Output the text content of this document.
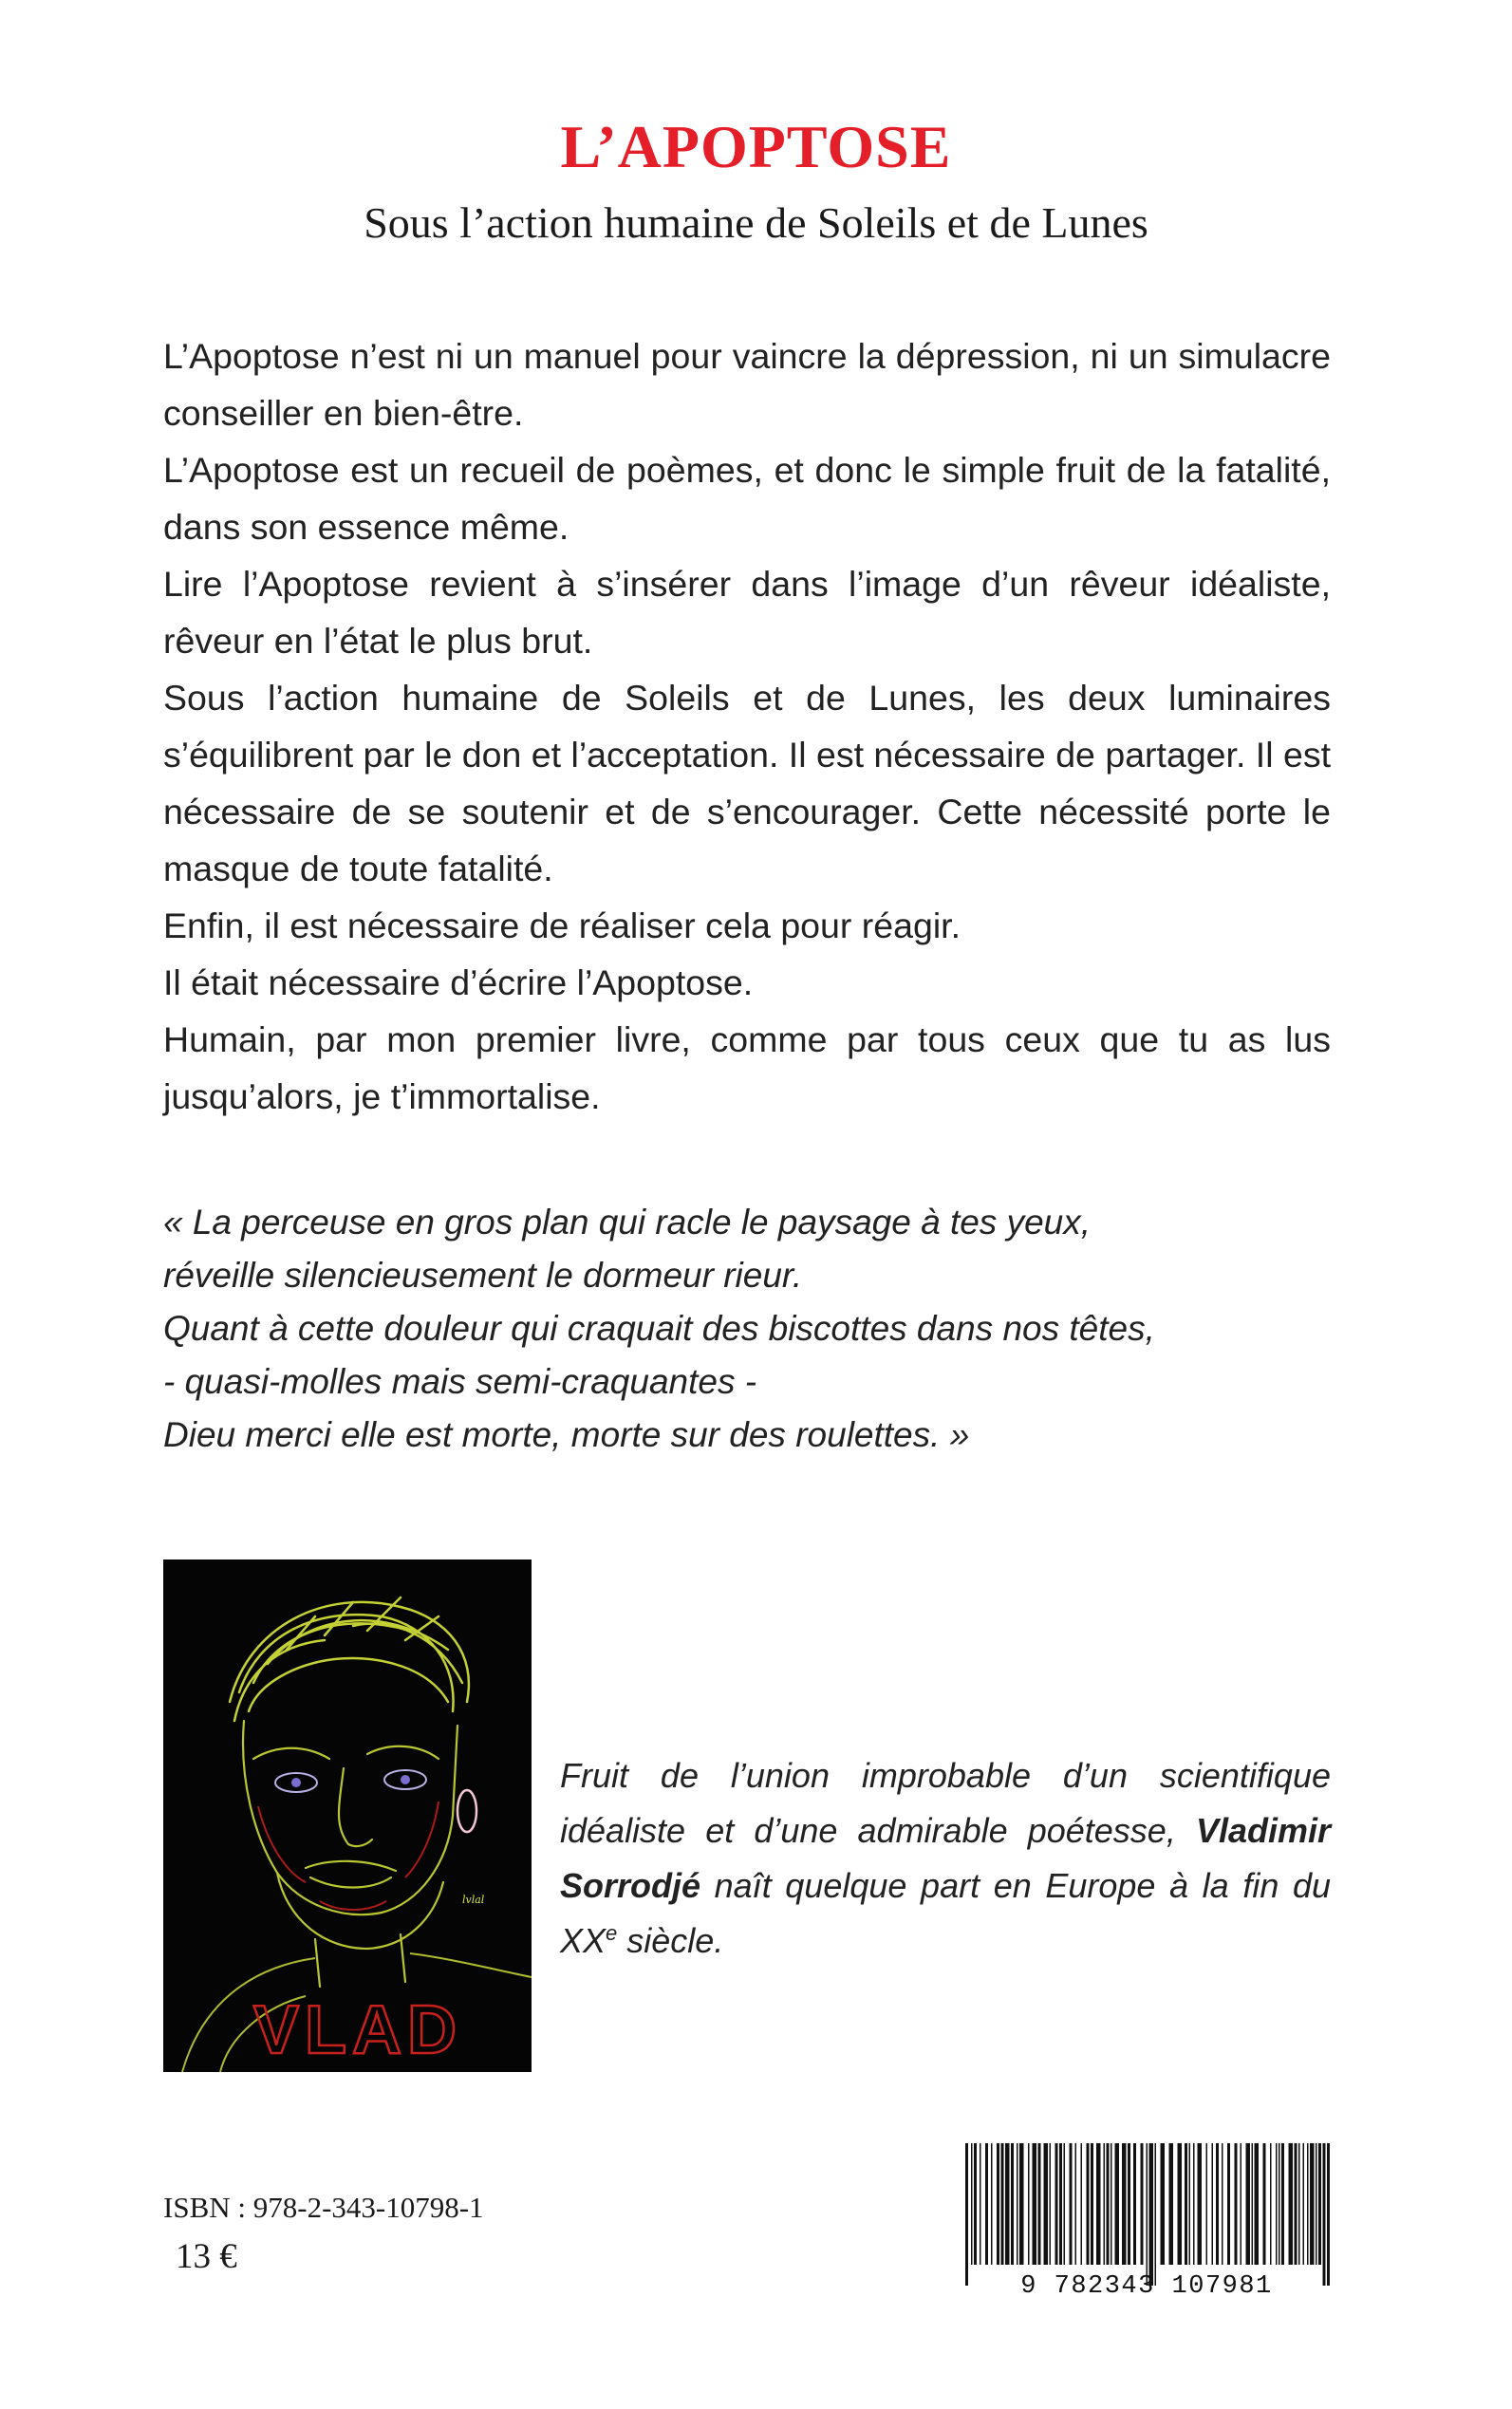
L’APOPTOSE
Sous l’action humaine de Soleils et de Lunes

L’Apoptose n’est ni un manuel pour vaincre la dépression, ni un simulacre conseiller en bien-être.

L’Apoptose est un recueil de poèmes, et donc le simple fruit de la fatalité, dans son essence même.

Lire l’Apoptose revient à s’insérer dans l’image d’un rêveur idéaliste, rêveur en l’état le plus brut.

Sous l’action humaine de Soleils et de Lunes, les deux luminaires s’équilibrent par le don et l’acceptation. Il est nécessaire de partager. Il est nécessaire de se soutenir et de s’encourager. Cette nécessité porte le masque de toute fatalité.

Enfin, il est nécessaire de réaliser cela pour réagir.

Il était nécessaire d’écrire l’Apoptose.

Humain, par mon premier livre, comme par tous ceux que tu as lus jusqu’alors, je t’immortalise.

« La perceuse en gros plan qui racle le paysage à tes yeux,

réveille silencieusement le dormeur rieur.

Quant à cette douleur qui craquait des biscottes dans nos têtes,

- quasi-molles mais semi-craquantes -

Dieu merci elle est morte, morte sur des roulettes. »

VLAD
lvlal

Fruit de l’union improbable d’un scientifique idéaliste et d’une admirable poétesse, Vladimir Sorrodjé naît quelque part en Europe à la fin du XXe siècle.

ISBN : 978-2-343-10798-1
13 €
9 782343 107981
